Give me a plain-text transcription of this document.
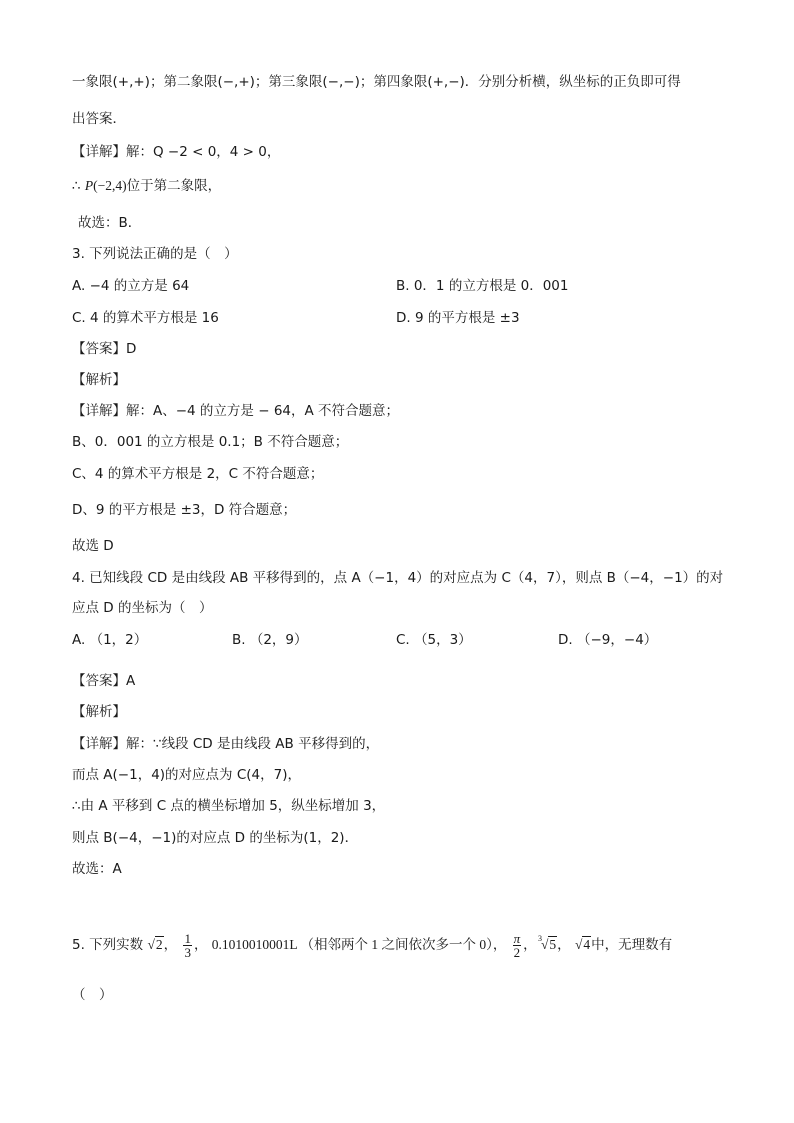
一象限(+,+)；第二象限(−,+)；第三象限(−,−)；第四象限(+,−)．分别分析横，纵坐标的正负即可得
出答案．
【详解】解：Q −2 < 0，4 > 0，
∴ P(−2,4)位于第二象限，
故选：B．
3. 下列说法正确的是（　）
A. −4 的立方是 64	B. 0．1 的立方根是 0．001
C. 4 的算术平方根是 16	D. 9 的平方根是 ±3
【答案】D
【解析】
【详解】解：A、−4 的立方是 − 64，A 不符合题意；
B、0．001 的立方根是 0.1；B 不符合题意；
C、4 的算术平方根是 2，C 不符合题意；
D、9 的平方根是 ±3，D 符合题意；
故选 D
4. 已知线段 CD 是由线段 AB 平移得到的，点 A（−1，4）的对应点为 C（4，7），则点 B（−4，−1）的对
应点 D 的坐标为（　）
A. （1，2）	B. （2，9）	C. （5，3）	D. （−9，−4）
【答案】A
【解析】
【详解】解：∵线段 CD 是由线段 AB 平移得到的，
而点 A(−1，4)的对应点为 C(4，7)，
∴由 A 平移到 C 点的横坐标增加 5，纵坐标增加 3，
则点 B(−4，−1)的对应点 D 的坐标为(1，2)．
故选：A
5. 下列实数 √2， $\frac{1}{3}$ ， 0.1010010001L （相邻两个 1 之间依次多一个 0）， $\frac{\pi}{2}$ ， 3 √5， √4中，无理数有
（　）
